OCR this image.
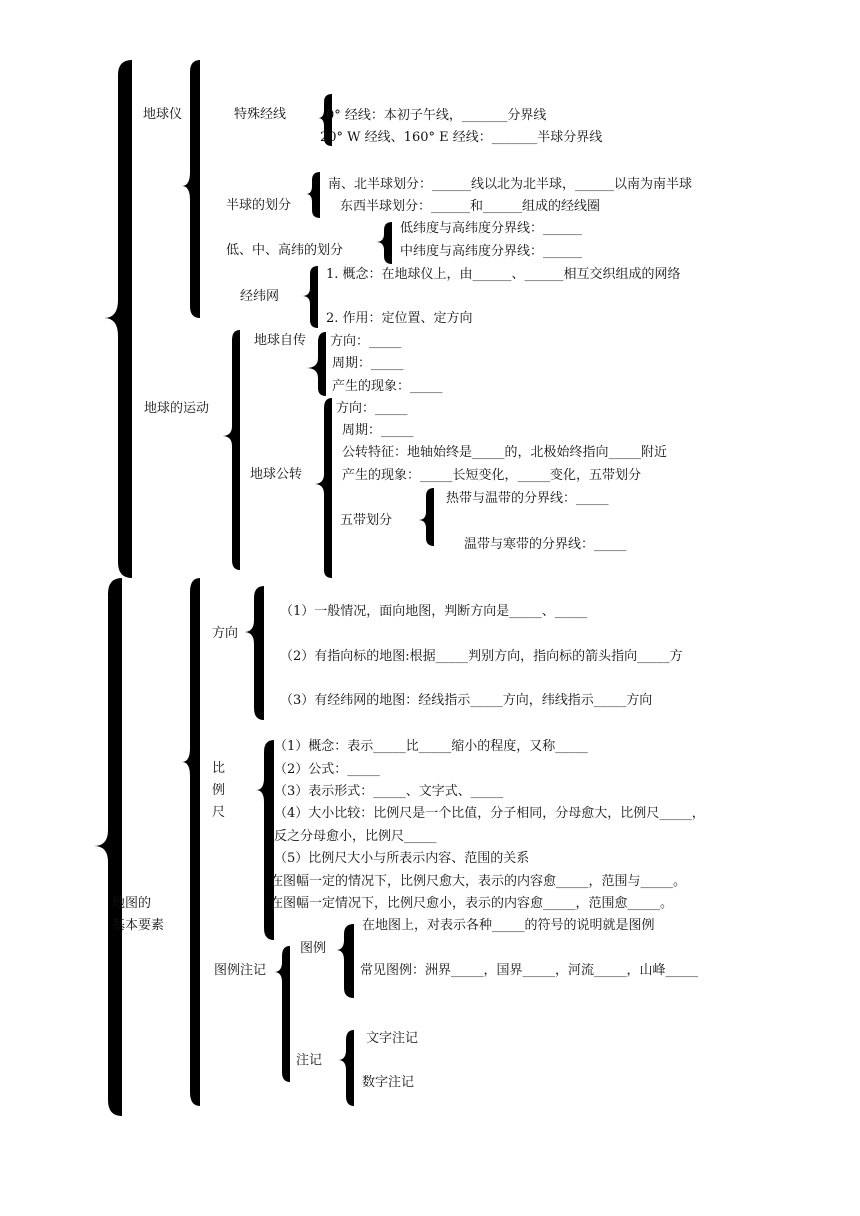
地球仪	特殊经线	0° 经线：本初子午线，_______分界线
20° W 经线、160° E 经线：_______半球分界线
南、北半球划分：______线以北为北半球，______以南为南半球
半球的划分	东西半球划分：______和______组成的经线圈
低纬度与高纬度分界线：______
低、中、高纬的划分	中纬度与高纬度分界线：______
1. 概念：在地球仪上，由______、______相互交织组成的网络
经纬网
2. 作用：定位置、定方向
地球的运动
地球自传 方向：_____
周期：_____
产生的现象：_____
方向：_____
周期：_____
公转特征：地轴始终是_____的，北极始终指向_____附近
地球公转	产生的现象：_____长短变化，_____变化，五带划分
热带与温带的分界线：_____
五带划分
温带与寒带的分界线：_____
地图的
基本要素
（1）一般情况，面向地图，判断方向是_____、_____
方向
（2）有指向标的地图:根据_____判别方向，指向标的箭头指向_____方
（3）有经纬网的地图：经线指示_____方向，纬线指示_____方向
比
例
尺
（1）概念：表示_____比_____缩小的程度，又称_____
（2）公式：_____
（3）表示形式：_____、文字式、_____
（4）大小比较：比例尺是一个比值，分子相同，分母愈大，比例尺_____，
反之分母愈小，比例尺_____
（5）比例尺大小与所表示内容、范围的关系
在图幅一定的情况下，比例尺愈大，表示的内容愈_____，范围与_____。
在图幅一定情况下，比例尺愈小，表示的内容愈_____，范围愈_____。
在地图上，对表示各种_____的符号的说明就是图例
图例
图例注记	常见图例：洲界_____，国界_____，河流_____，山峰_____
文字注记
注记
数字注记
